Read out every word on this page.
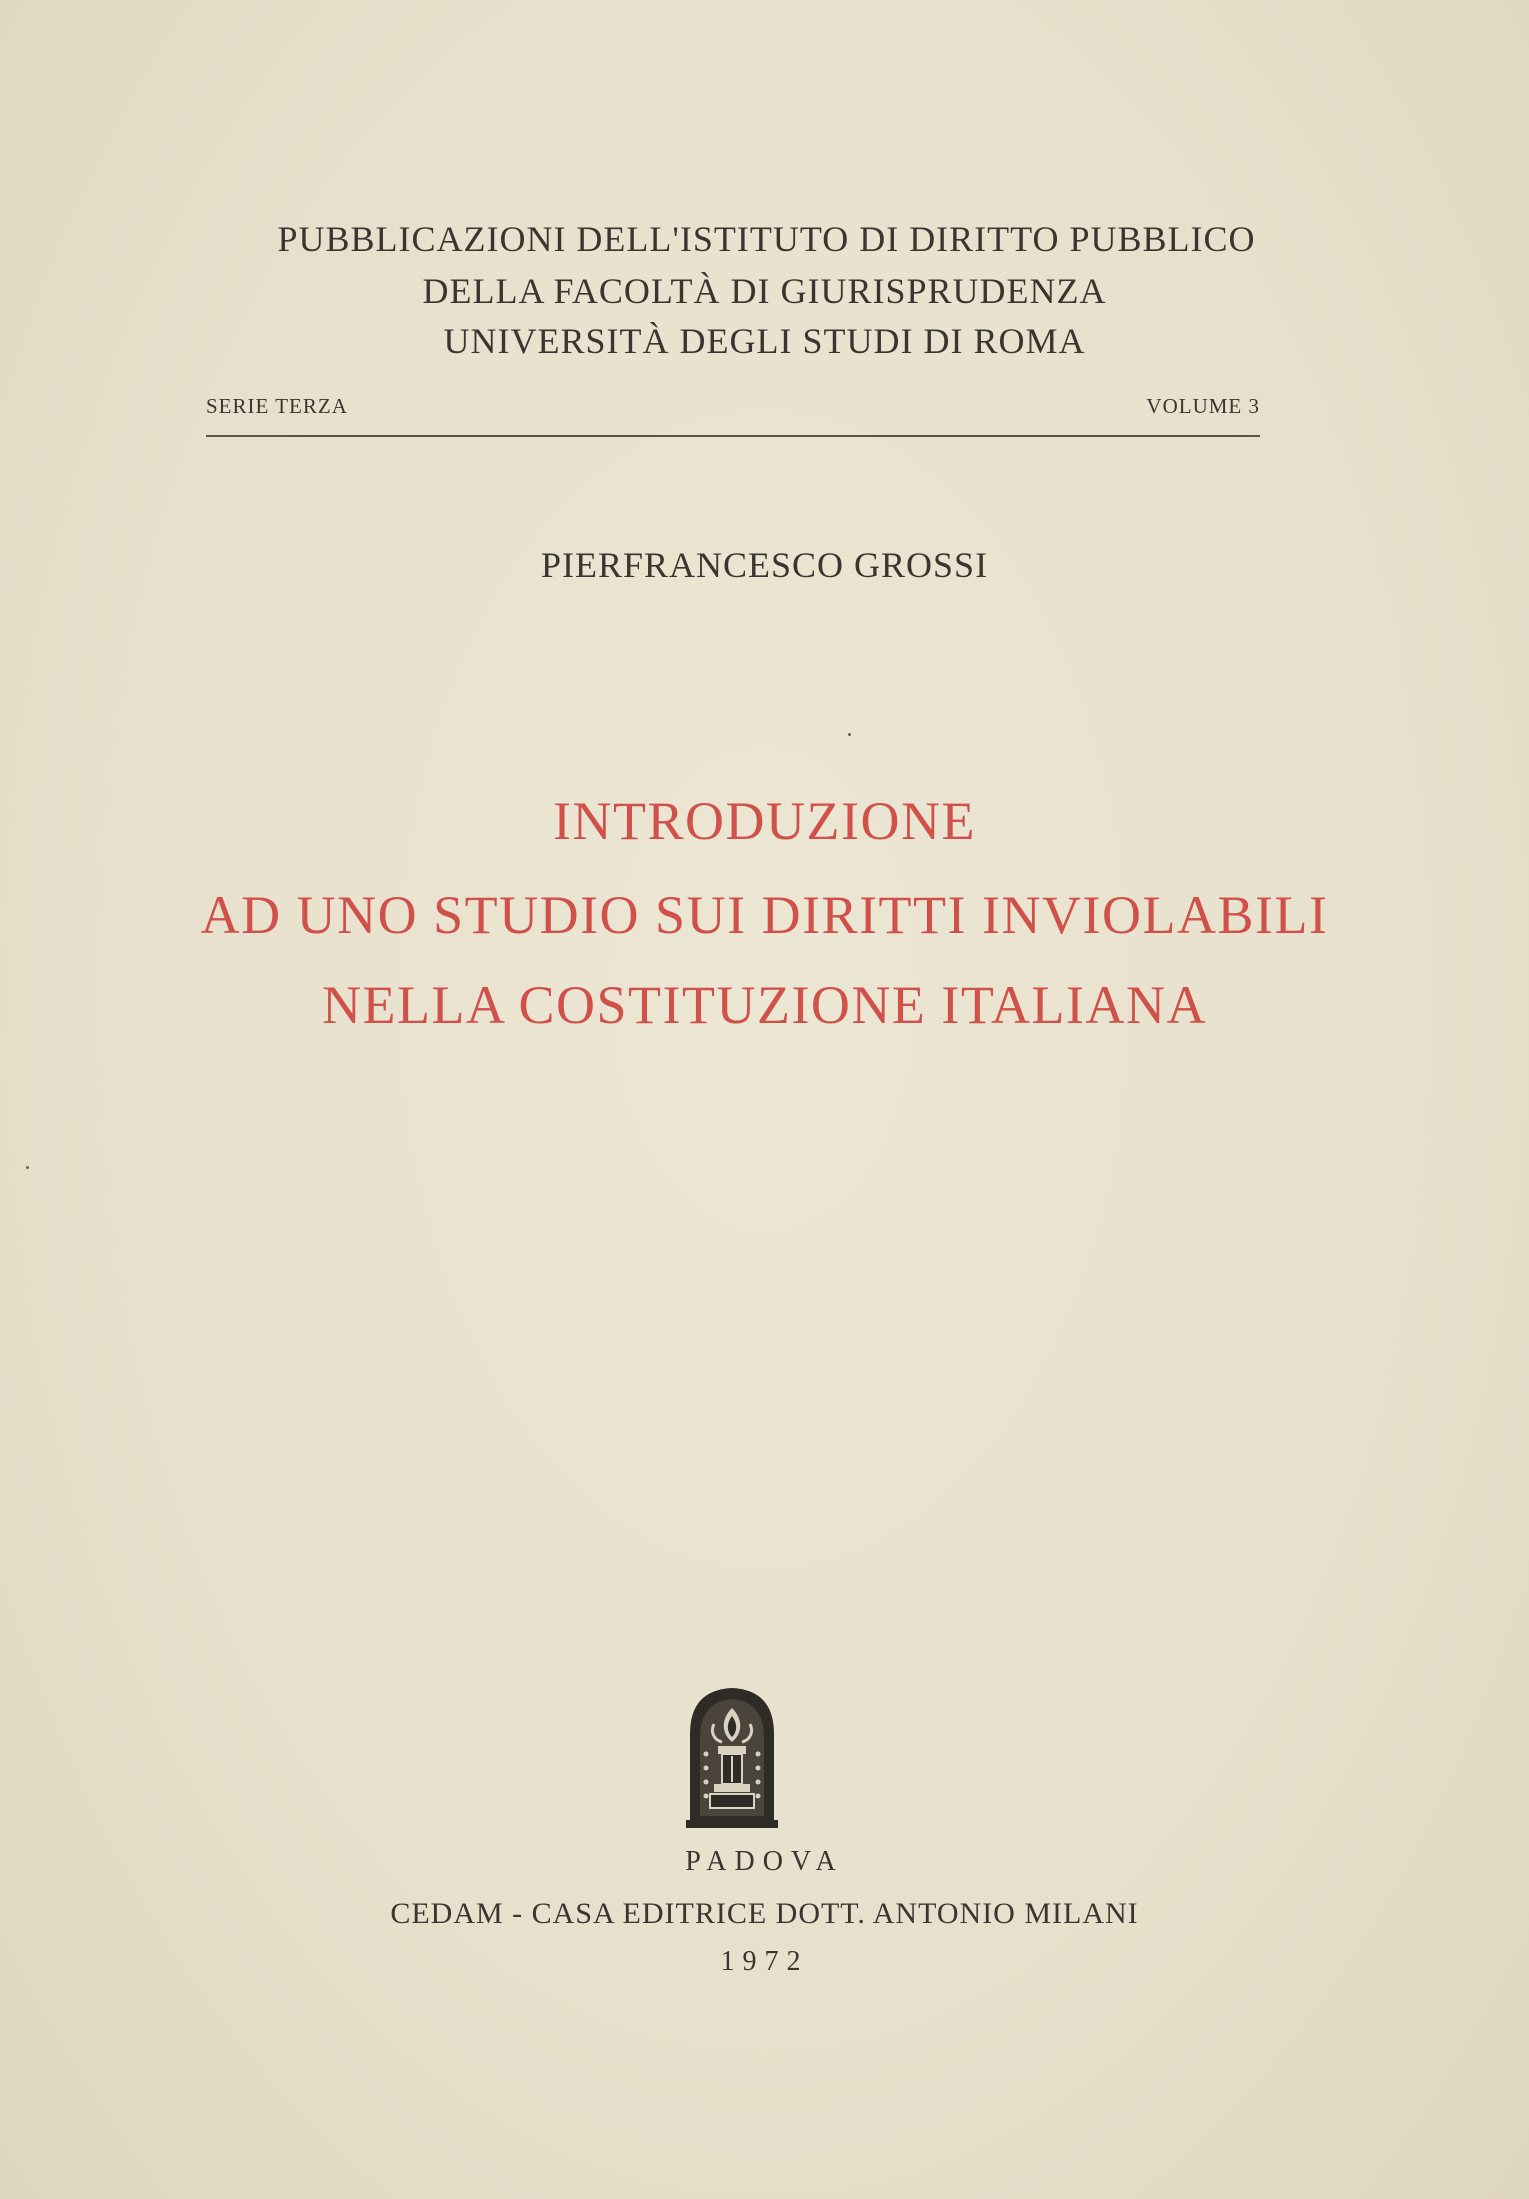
PUBBLICAZIONI DELL'ISTITUTO DI DIRITTO PUBBLICO
DELLA FACOLTÀ DI GIURISPRUDENZA
UNIVERSITÀ DEGLI STUDI DI ROMA
SERIE TERZA	VOLUME 3
PIERFRANCESCO GROSSI
INTRODUZIONE
AD UNO STUDIO SUI DIRITTI INVIOLABILI
NELLA COSTITUZIONE ITALIANA
PADOVA
CEDAM - CASA EDITRICE DOTT. ANTONIO MILANI
1972
